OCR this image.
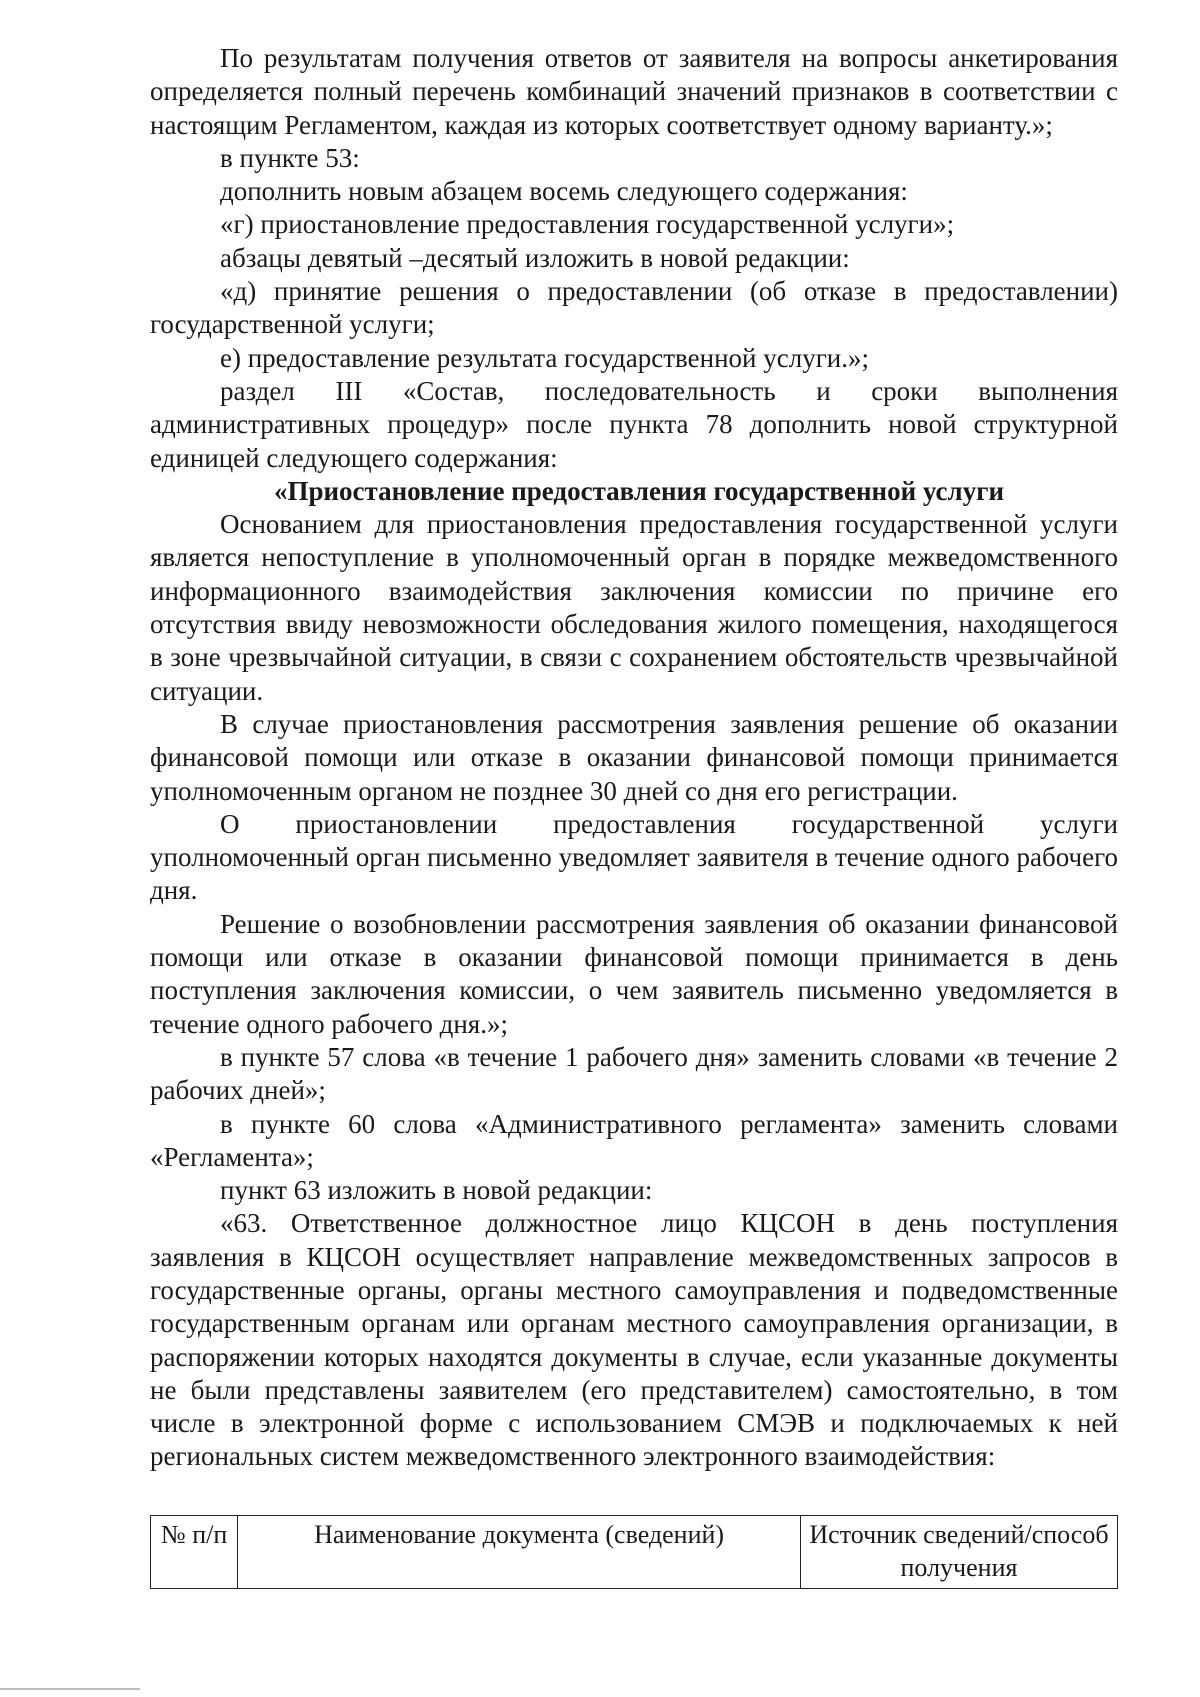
По результатам получения ответов от заявителя на вопросы анкетирования определяется полный перечень комбинаций значений признаков в соответствии с настоящим Регламентом, каждая из которых соответствует одному варианту.»;

в пункте 53:

дополнить новым абзацем восемь следующего содержания:

«г) приостановление предоставления государственной услуги»;

абзацы девятый –десятый изложить в новой редакции:

«д) принятие решения о предоставлении (об отказе в предоставлении) государственной услуги;

е) предоставление результата государственной услуги.»;

раздел III «Состав, последовательность и сроки выполнения административных процедур» после пункта 78 дополнить новой структурной единицей следующего содержания:

«Приостановление предоставления государственной услуги

Основанием для приостановления предоставления государственной услуги является непоступление в уполномоченный орган в порядке межведомственного информационного взаимодействия заключения комиссии по причине его отсутствия ввиду невозможности обследования жилого помещения, находящегося в зоне чрезвычайной ситуации, в связи с сохранением обстоятельств чрезвычайной ситуации.

В случае приостановления рассмотрения заявления решение об оказании финансовой помощи или отказе в оказании финансовой помощи принимается уполномоченным органом не позднее 30 дней со дня его регистрации.

О приостановлении предоставления государственной услуги уполномоченный орган письменно уведомляет заявителя в течение одного рабочего дня.

Решение о возобновлении рассмотрения заявления об оказании финансовой помощи или отказе в оказании финансовой помощи принимается в день поступления заключения комиссии, о чем заявитель письменно уведомляется в течение одного рабочего дня.»;

в пункте 57 слова «в течение 1 рабочего дня» заменить словами «в течение 2 рабочих дней»;

в пункте 60 слова «Административного регламента» заменить словами «Регламента»;

пункт 63 изложить в новой редакции:

«63. Ответственное должностное лицо КЦСОН в день поступления заявления в КЦСОН осуществляет направление межведомственных запросов в государственные органы, органы местного самоуправления и подведомственные государственным органам или органам местного самоуправления организации, в распоряжении которых находятся документы в случае, если указанные документы не были представлены заявителем (его представителем) самостоятельно, в том числе в электронной форме с использованием СМЭВ и подключаемых к ней региональных систем межведомственного электронного взаимодействия:

№ п/п	Наименование документа (сведений)	Источник сведений/способ получения
